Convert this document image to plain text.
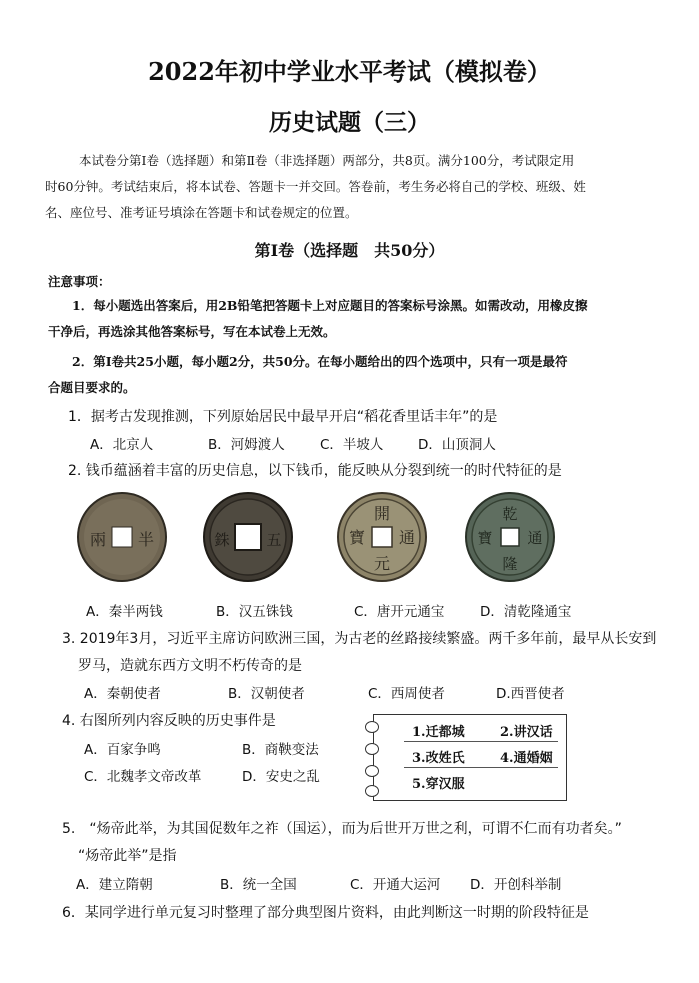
2022年初中学业水平考试（模拟卷）
历史试题（三）
本试卷分第Ⅰ卷（选择题）和第Ⅱ卷（非选择题）两部分，共8页。满分100分，考试限定用
时60分钟。考试结束后，将本试卷、答题卡一并交回。答卷前，考生务必将自己的学校、班级、姓
名、座位号、准考证号填涂在答题卡和试卷规定的位置。
第Ⅰ卷（选择题　共50分）
注意事项：
1．每小题选出答案后，用2B铅笔把答题卡上对应题目的答案标号涂黑。如需改动，用橡皮擦
干净后，再选涂其他答案标号，写在本试卷上无效。
2．第Ⅰ卷共25小题，每小题2分，共50分。在每小题给出的四个选项中，只有一项是最符
合题目要求的。
1．据考古发现推测，下列原始居民中最早开启“稻花香里话丰年”的是
A．北京人	B．河姆渡人	C．半坡人	D．山顶洞人
2. 钱币蕴涵着丰富的历史信息，以下钱币，能反映从分裂到统一的时代特征的是
兩 半	銖 五
開
元
通
寶
乾
隆
通
寶
A．秦半两钱	B．汉五铢钱	C．唐开元通宝	D．清乾隆通宝
3. 2019年3月，习近平主席访问欧洲三国，为古老的丝路接续繁盛。两千多年前，最早从长安到
罗马，造就东西方文明不朽传奇的是
A．秦朝使者	B．汉朝使者	C．西周使者	D.西晋使者
4. 右图所列内容反映的历史事件是
A．百家争鸣	B．商鞅变法
C．北魏孝文帝改革	D．安史之乱
1.迁都城	2.讲汉话
3.改姓氏	4.通婚姻
5.穿汉服
5.　“炀帝此举，为其国促数年之祚（国运），而为后世开万世之利，可谓不仁而有功者矣。”
“炀帝此举”是指
A．建立隋朝	B．统一全国	C．开通大运河 D．开创科举制
6．某同学进行单元复习时整理了部分典型图片资料，由此判断这一时期的阶段特征是
